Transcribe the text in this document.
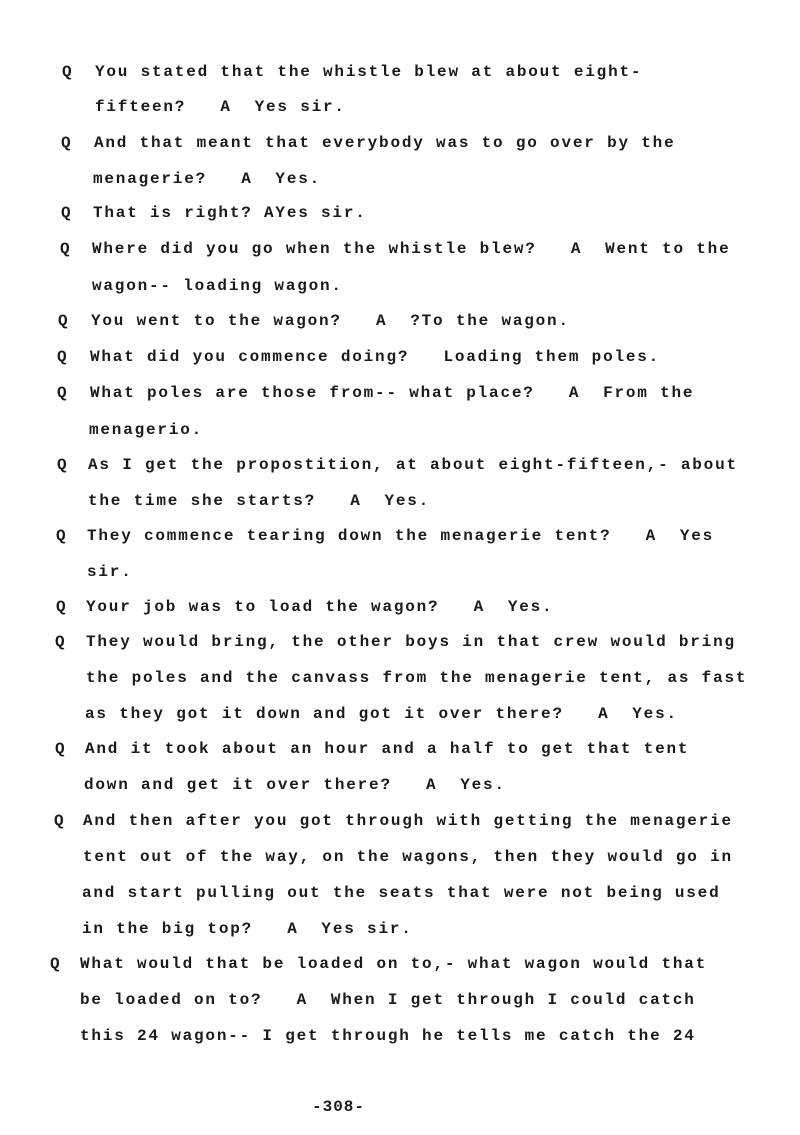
Q You stated that the whistle blew at about eight-
fifteen?   A  Yes sir.
Q And that meant that everybody was to go over by the
menagerie?   A  Yes.
Q That is right? AYes sir.
Q Where did you go when the whistle blew?   A  Went to the
wagon-- loading wagon.
Q You went to the wagon?   A  ?To the wagon.
Q What did you commence doing?   Loading them poles.
Q What poles are those from-- what place?   A  From the
menagerio.
Q As I get the propostition, at about eight-fifteen,- about
the time she starts?   A  Yes.
Q They commence tearing down the menagerie tent?   A  Yes
sir.
Q Your job was to load the wagon?   A  Yes.
Q They would bring, the other boys in that crew would bring
the poles and the canvass from the menagerie tent, as fast
as they got it down and got it over there?   A  Yes.
Q And it took about an hour and a half to get that tent
down and get it over there?   A  Yes.
Q And then after you got through with getting the menagerie
tent out of the way, on the wagons, then they would go in
and start pulling out the seats that were not being used
in the big top?   A  Yes sir.
Q What would that be loaded on to,- what wagon would that
be loaded on to?   A  When I get through I could catch
this 24 wagon-- I get through he tells me catch the 24
-308-
